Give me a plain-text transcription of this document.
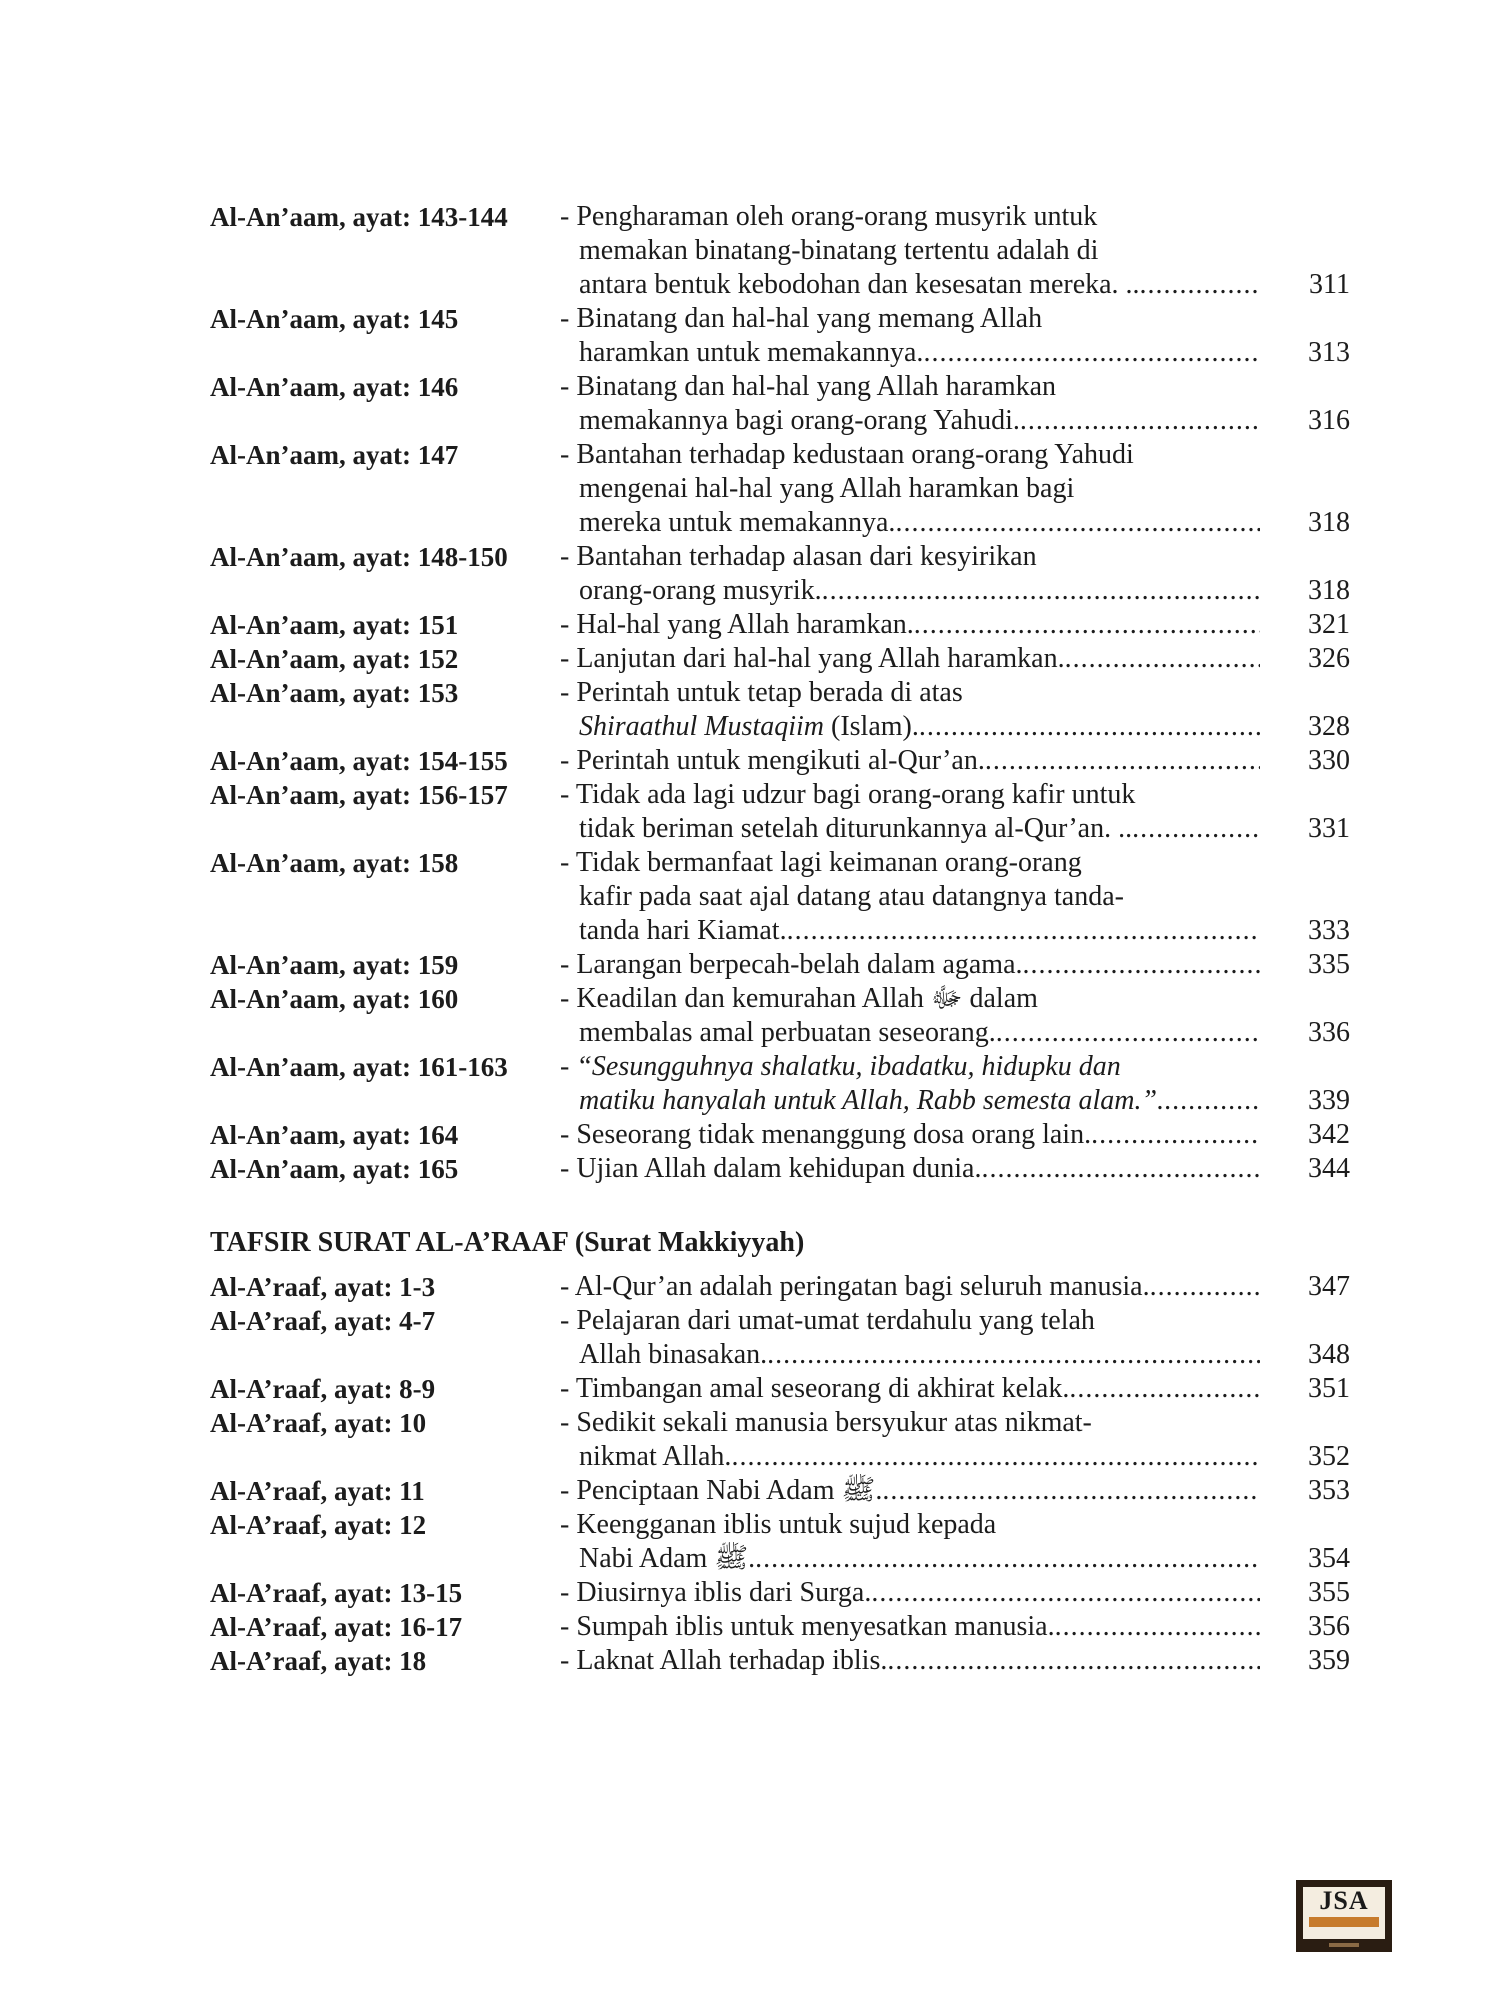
Al-An’aam, ayat: 143-144	- Pengharaman oleh orang-orang musyrik untuk
memakan binatang-binatang tertentu adalah di
antara bentuk kebodohan dan kesesatan mereka. .. . . .	311
Al-An’aam, ayat: 145	- Binatang dan hal-hal yang memang Allah
haramkan untuk memakannya. . . .	313
Al-An’aam, ayat: 146	- Binatang dan hal-hal yang Allah haramkan
memakannya bagi orang-orang Yahudi. . . .	316
Al-An’aam, ayat: 147	- Bantahan terhadap kedustaan orang-orang Yahudi
mengenai hal-hal yang Allah haramkan bagi
mereka untuk memakannya. . . .	318
Al-An’aam, ayat: 148-150	- Bantahan terhadap alasan dari kesyirikan
orang-orang musyrik. . . .	318
Al-An’aam, ayat: 151	- Hal-hal yang Allah haramkan. . . .	321
Al-An’aam, ayat: 152	- Lanjutan dari hal-hal yang Allah haramkan. . . .	326
Al-An’aam, ayat: 153	- Perintah untuk tetap berada di atas
Shiraathul Mustaqiim (Islam). . . .	328
Al-An’aam, ayat: 154-155	- Perintah untuk mengikuti al-Qur’an. . . .	330
Al-An’aam, ayat: 156-157	- Tidak ada lagi udzur bagi orang-orang kafir untuk
tidak beriman setelah diturunkannya al-Qur’an. .. . . .	331
Al-An’aam, ayat: 158	- Tidak bermanfaat lagi keimanan orang-orang
kafir pada saat ajal datang atau datangnya tanda-
tanda hari Kiamat. . . .	333
Al-An’aam, ayat: 159	- Larangan berpecah-belah dalam agama. . . .	335
Al-An’aam, ayat: 160	- Keadilan dan kemurahan Allah ﷻ dalam
membalas amal perbuatan seseorang. . . .	336
Al-An’aam, ayat: 161-163	- “Sesungguhnya shalatku, ibadatku, hidupku dan
matiku hanyalah untuk Allah, Rabb semesta alam.”. . . .	339
Al-An’aam, ayat: 164	- Seseorang tidak menanggung dosa orang lain. . . .	342
Al-An’aam, ayat: 165	- Ujian Allah dalam kehidupan dunia. . . .	344
TAFSIR SURAT AL-A’RAAF (Surat Makkiyyah)
Al-A’raaf, ayat: 1-3	- Al-Qur’an adalah peringatan bagi seluruh manusia. . . .	347
Al-A’raaf, ayat: 4-7	- Pelajaran dari umat-umat terdahulu yang telah
Allah binasakan. . . .	348
Al-A’raaf, ayat: 8-9	- Timbangan amal seseorang di akhirat kelak. . . .	351
Al-A’raaf, ayat: 10	- Sedikit sekali manusia bersyukur atas nikmat-
nikmat Allah. . . .	352
Al-A’raaf, ayat: 11	- Penciptaan Nabi Adam ﷺ. . . .	353
Al-A’raaf, ayat: 12	- Keengganan iblis untuk sujud kepada
Nabi Adam ﷺ. . . .	354
Al-A’raaf, ayat: 13-15	- Diusirnya iblis dari Surga. . . .	355
Al-A’raaf, ayat: 16-17	- Sumpah iblis untuk menyesatkan manusia. . . .	356
Al-A’raaf, ayat: 18	- Laknat Allah terhadap iblis. . . .	359
JSA
